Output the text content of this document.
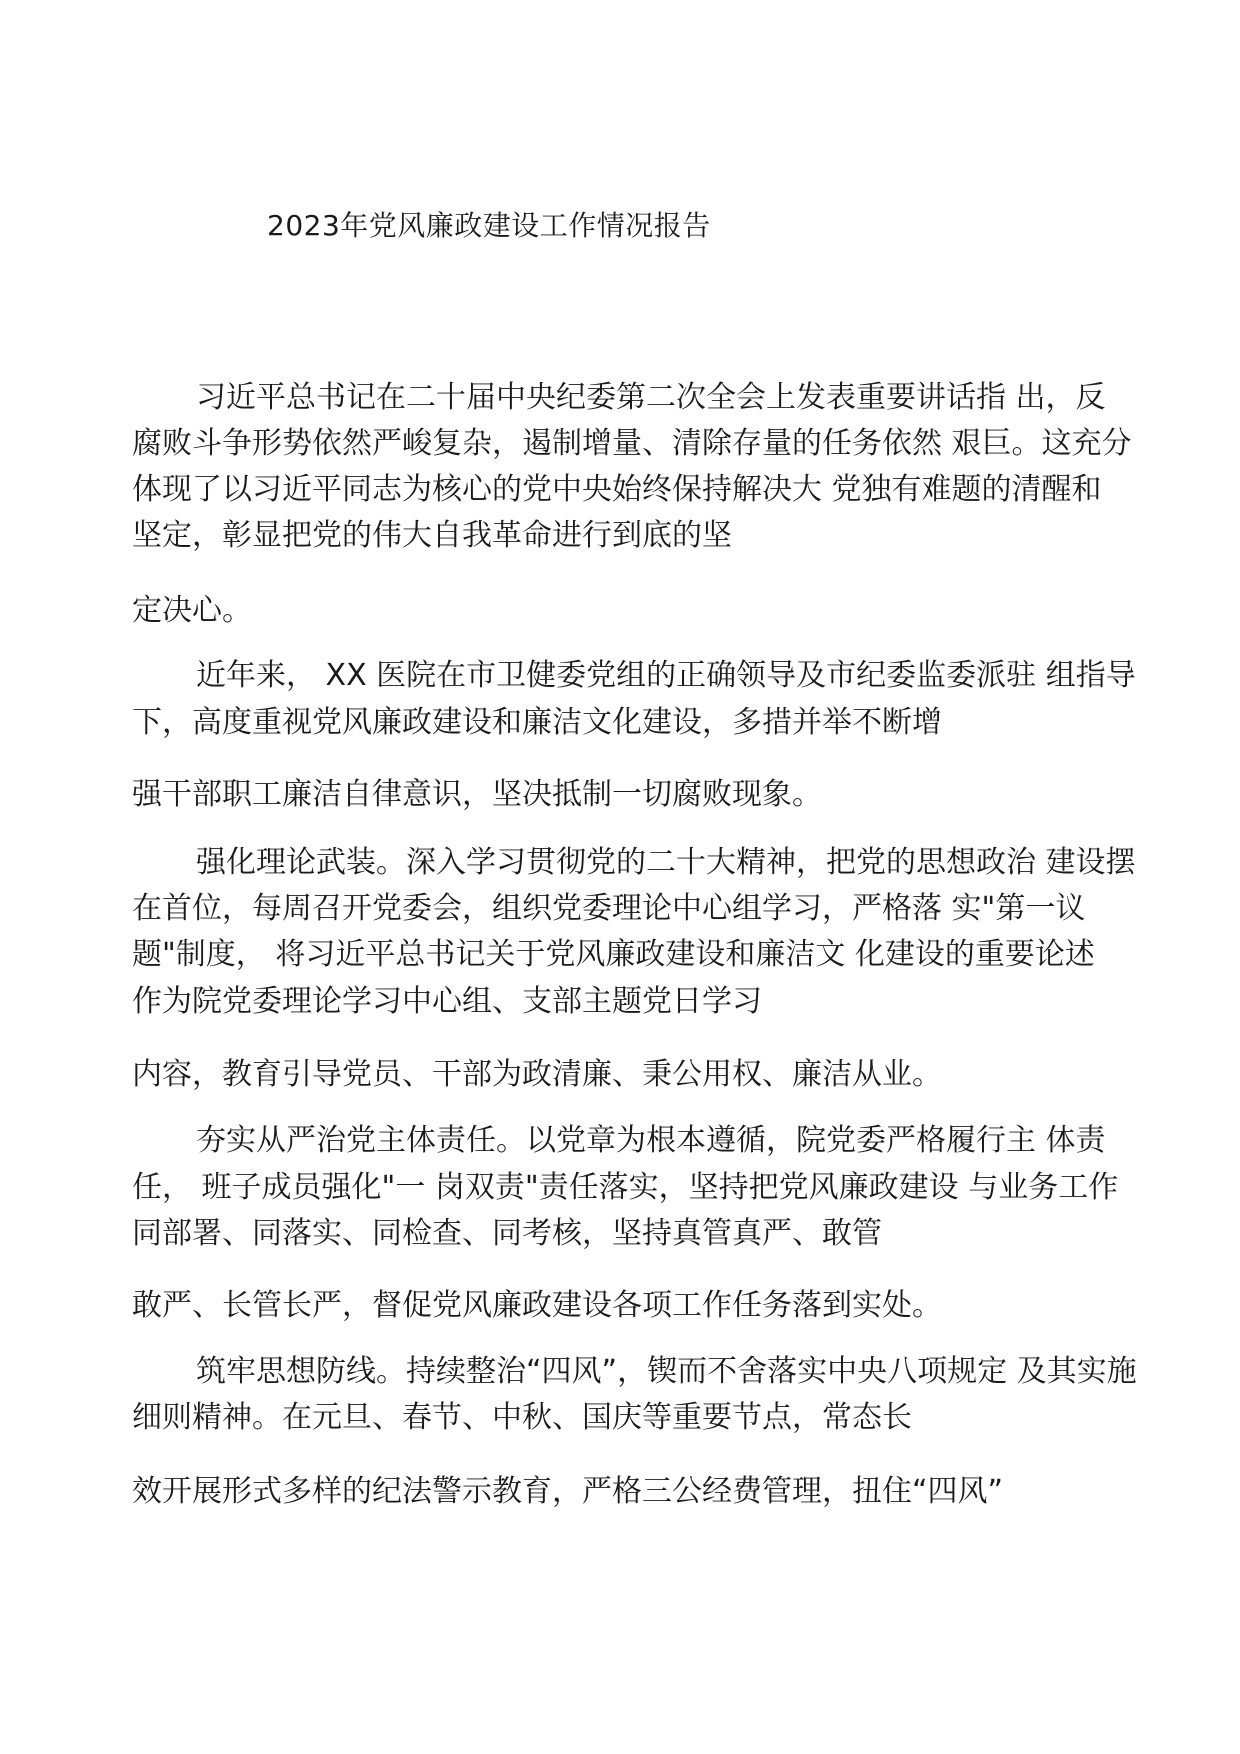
2023年党风廉政建设工作情况报告
习近平总书记在二十届中央纪委第二次全会上发表重要讲话指 出，反
腐败斗争形势依然严峻复杂，遏制增量、清除存量的任务依然 艰巨。这充分
体现了以习近平同志为核心的党中央始终保持解决大 党独有难题的清醒和
坚定，彰显把党的伟大自我革命进行到底的坚
定决心。
近年来， XX 医院在市卫健委党组的正确领导及市纪委监委派驻 组指导
下，高度重视党风廉政建设和廉洁文化建设，多措并举不断增
强干部职工廉洁自律意识，坚决抵制一切腐败现象。
强化理论武装。深入学习贯彻党的二十大精神，把党的思想政治 建设摆
在首位，每周召开党委会，组织党委理论中心组学习，严格落 实"第一议
题"制度， 将习近平总书记关于党风廉政建设和廉洁文 化建设的重要论述
作为院党委理论学习中心组、支部主题党日学习
内容，教育引导党员、干部为政清廉、秉公用权、廉洁从业。
夯实从严治党主体责任。以党章为根本遵循，院党委严格履行主 体责
任， 班子成员强化"一 岗双责"责任落实，坚持把党风廉政建设 与业务工作
同部署、同落实、同检查、同考核，坚持真管真严、敢管
敢严、长管长严，督促党风廉政建设各项工作任务落到实处。
筑牢思想防线。持续整治“四风”，锲而不舍落实中央八项规定 及其实施
细则精神。在元旦、春节、中秋、国庆等重要节点，常态长
效开展形式多样的纪法警示教育，严格三公经费管理，扭住“四风”
